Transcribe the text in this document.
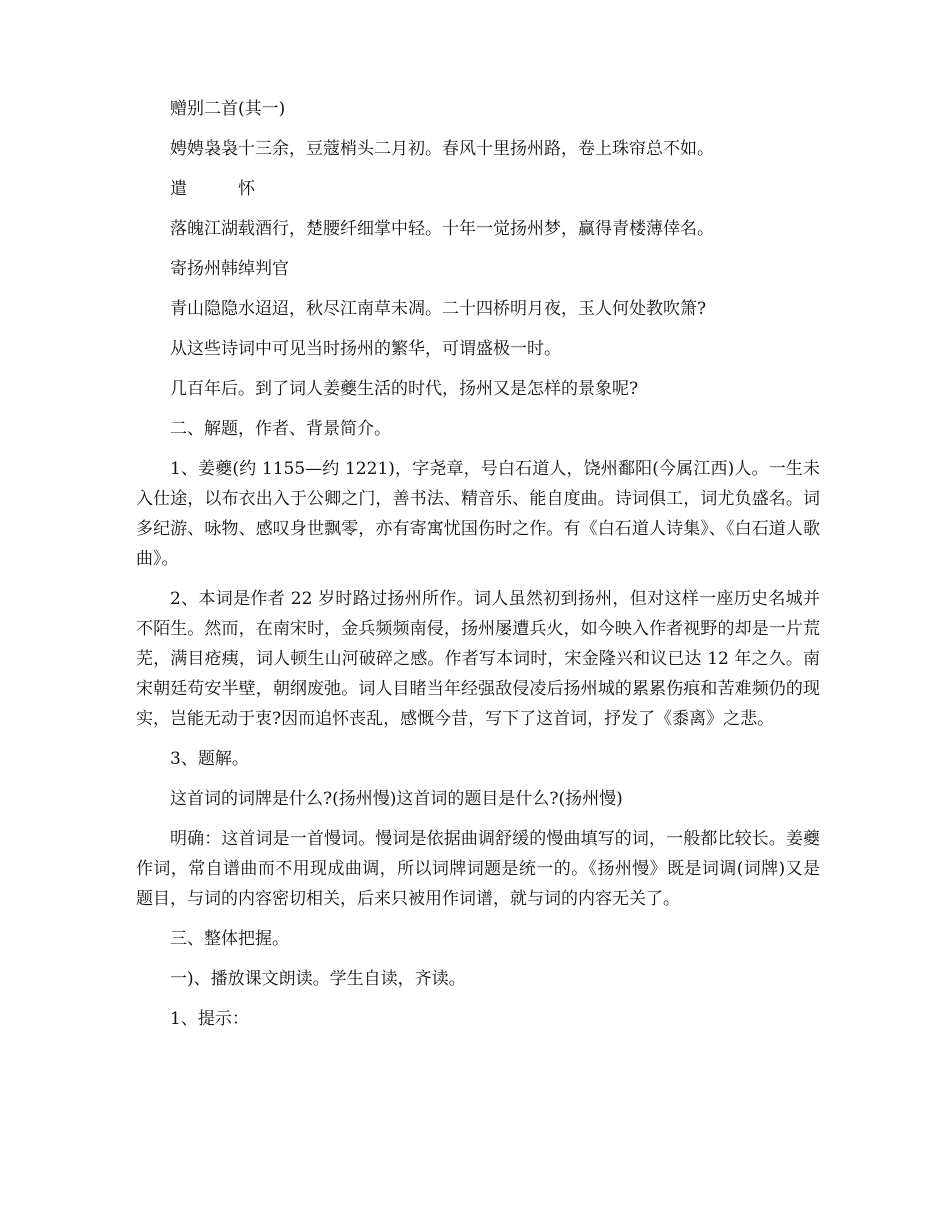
赠别二首(其一)

娉娉袅袅十三余，豆蔻梢头二月初。春风十里扬州路，卷上珠帘总不如。

遣　　　怀

落魄江湖载酒行，楚腰纤细掌中轻。十年一觉扬州梦，赢得青楼薄倖名。

寄扬州韩绰判官

青山隐隐水迢迢，秋尽江南草未凋。二十四桥明月夜，玉人何处教吹箫?

从这些诗词中可见当时扬州的繁华，可谓盛极一时。

几百年后。到了词人姜夔生活的时代，扬州又是怎样的景象呢?

二、解题，作者、背景简介。

1、姜夔(约 1155—约 1221)，字尧章，号白石道人，饶州鄱阳(今属江西)人。一生未入仕途，以布衣出入于公卿之门，善书法、精音乐、能自度曲。诗词俱工，词尤负盛名。词多纪游、咏物、感叹身世飘零，亦有寄寓忧国伤时之作。有《白石道人诗集》、《白石道人歌曲》。

2、本词是作者 22 岁时路过扬州所作。词人虽然初到扬州，但对这样一座历史名城并不陌生。然而，在南宋时，金兵频频南侵，扬州屡遭兵火，如今映入作者视野的却是一片荒芜，满目疮痍，词人顿生山河破碎之感。作者写本词时，宋金隆兴和议已达 12 年之久。南宋朝廷苟安半壁，朝纲废弛。词人目睹当年经强敌侵凌后扬州城的累累伤痕和苦难频仍的现实，岂能无动于衷?因而追怀丧乱，感慨今昔，写下了这首词，抒发了《黍离》之悲。

3、题解。

这首词的词牌是什么?(扬州慢)这首词的题目是什么?(扬州慢)

明确：这首词是一首慢词。慢词是依据曲调舒缓的慢曲填写的词，一般都比较长。姜夔作词，常自谱曲而不用现成曲调，所以词牌词题是统一的。《扬州慢》既是词调(词牌)又是题目，与词的内容密切相关，后来只被用作词谱，就与词的内容无关了。

三、整体把握。

一)、播放课文朗读。学生自读，齐读。

1、提示：
